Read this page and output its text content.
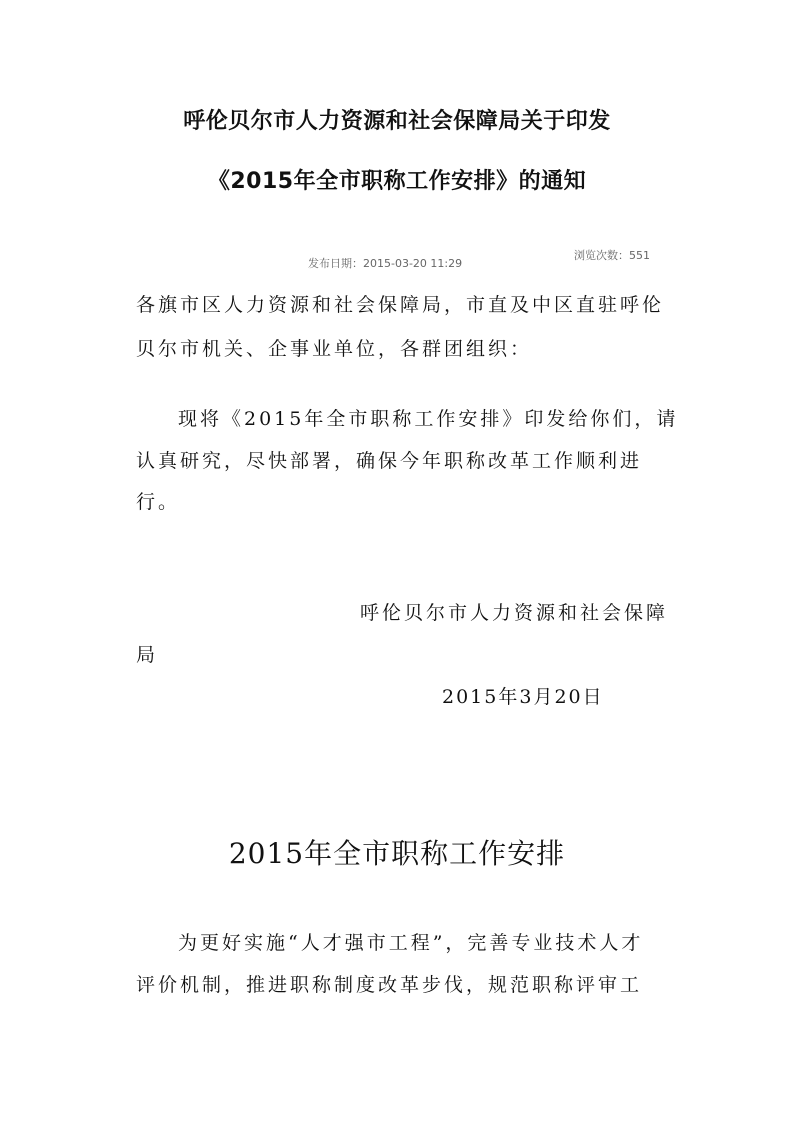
呼伦贝尔市人力资源和社会保障局关于印发
《2015年全市职称工作安排》的通知
发布日期：2015-03-20 11:29
浏览次数：551
各旗市区人力资源和社会保障局，市直及中区直驻呼伦
贝尔市机关、企事业单位，各群团组织：
现将《2015年全市职称工作安排》印发给你们，请
认真研究，尽快部署，确保今年职称改革工作顺利进
行。
呼伦贝尔市人力资源和社会保障
局
2015年3月20日
2015年全市职称工作安排
为更好实施“人才强市工程”，完善专业技术人才
评价机制，推进职称制度改革步伐，规范职称评审工
